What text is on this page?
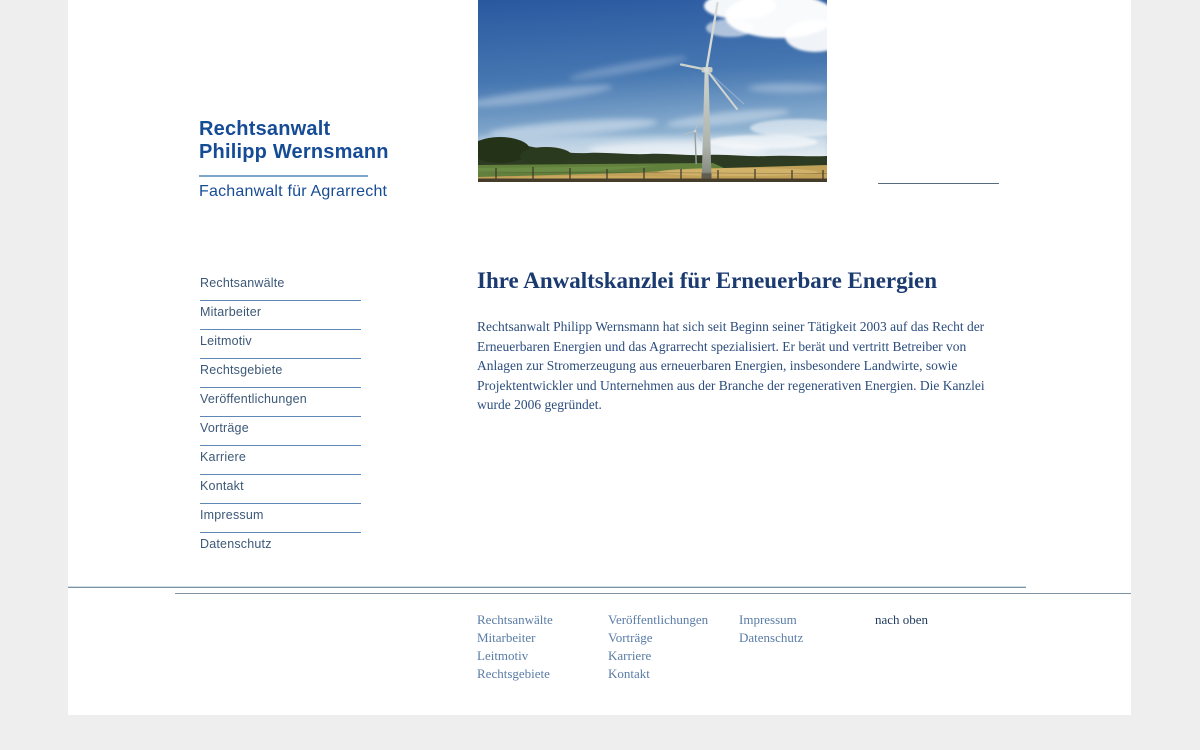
Rechtsanwalt
Philipp Wernsmann
Fachanwalt für Agrarrecht
Rechtsanwälte
Mitarbeiter
Leitmotiv
Rechtsgebiete
Veröffentlichungen
Vorträge
Karriere
Kontakt
Impressum
Datenschutz
Ihre Anwaltskanzlei für Erneuerbare Energien

Rechtsanwalt Philipp Wernsmann hat sich seit Beginn seiner Tätigkeit 2003 auf das Recht der Erneuerbaren Energien und das Agrarrecht spezialisiert. Er berät und vertritt Betreiber von Anlagen zur Stromerzeugung aus erneuerbaren Energien, insbesondere Landwirte, sowie Projektentwickler und Unternehmen aus der Branche der regenerativen Energien. Die Kanzlei wurde 2006 gegründet.

Rechtsanwälte
Mitarbeiter
Leitmotiv
Rechtsgebiete
Veröffentlichungen
Vorträge
Karriere
Kontakt
Impressum
Datenschutz
nach oben
